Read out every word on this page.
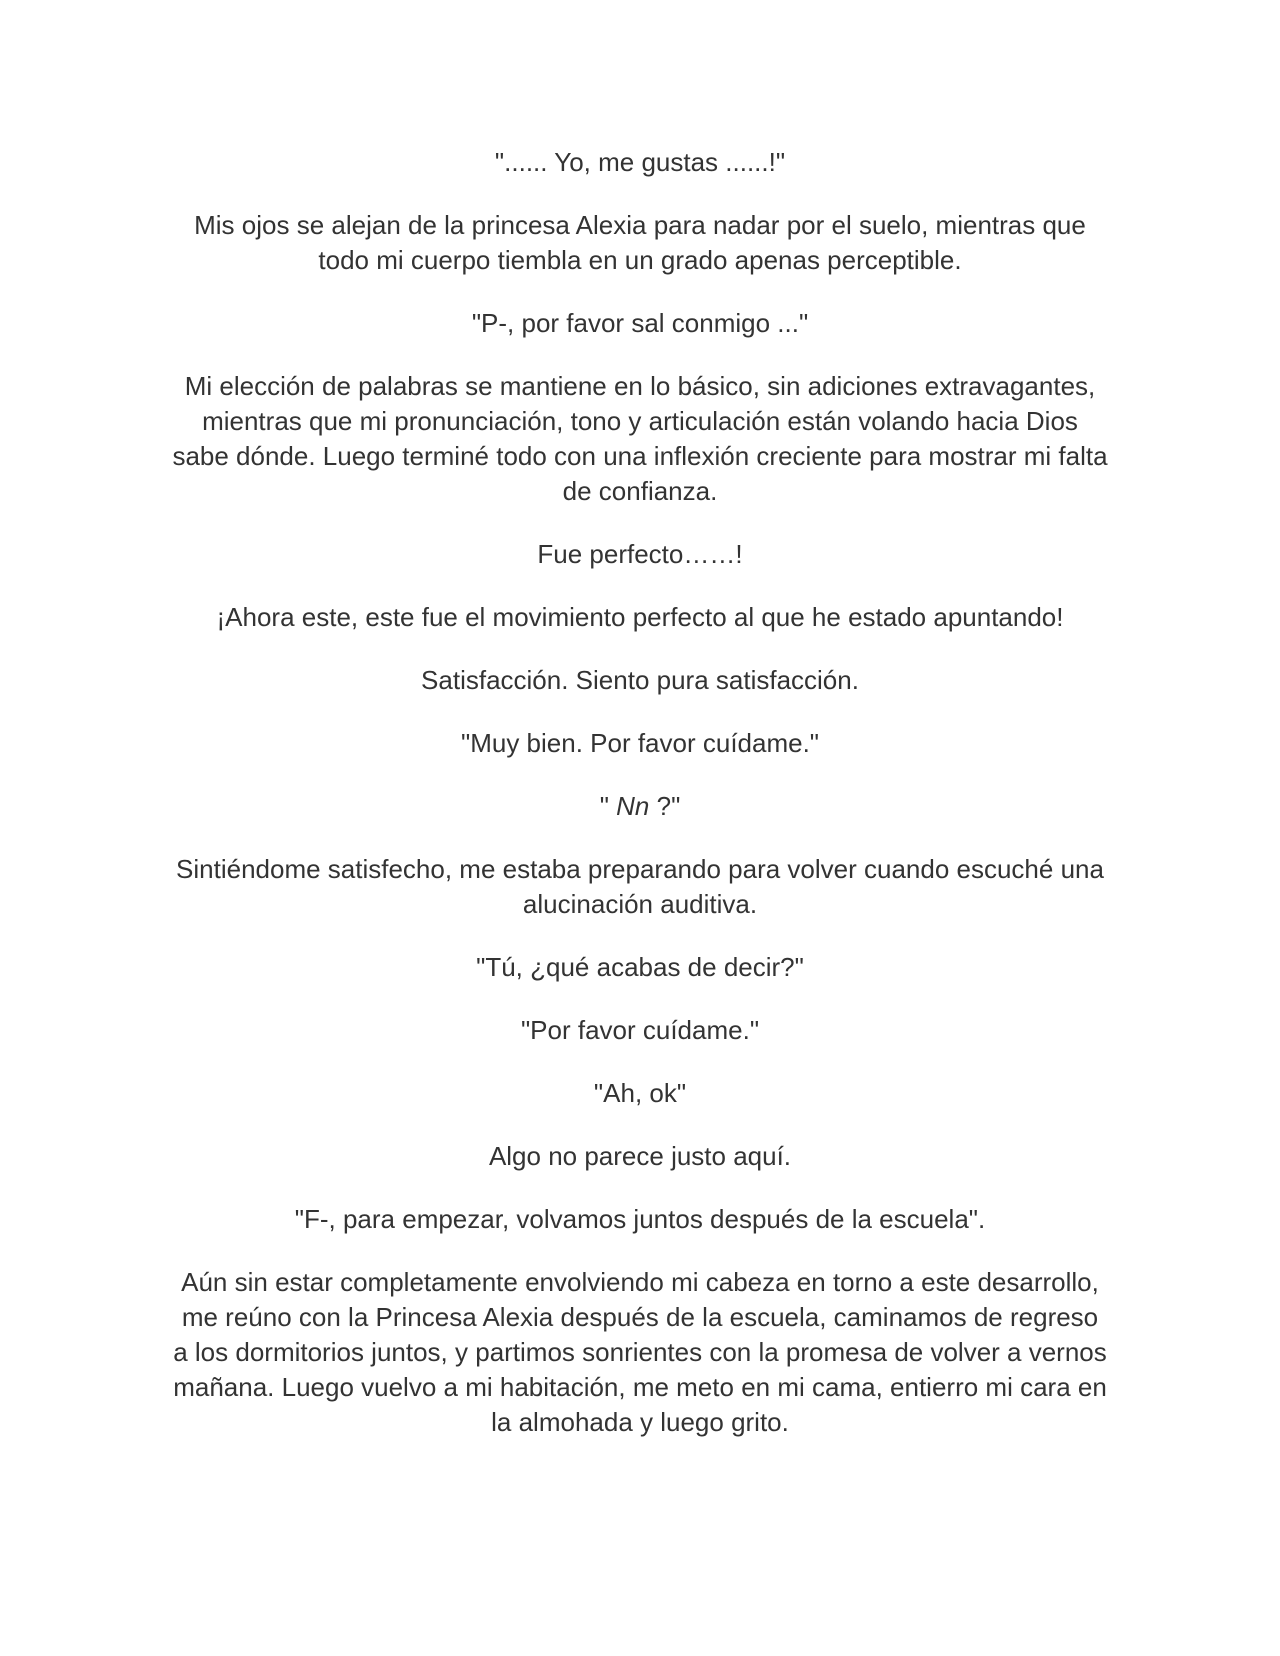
"...... Yo, me gustas ......!"

Mis ojos se alejan de la princesa Alexia para nadar por el suelo, mientras que todo mi cuerpo tiembla en un grado apenas perceptible.

"P-, por favor sal conmigo ..."

Mi elección de palabras se mantiene en lo básico, sin adiciones extravagantes, mientras que mi pronunciación, tono y articulación están volando hacia Dios sabe dónde. Luego terminé todo con una inflexión creciente para mostrar mi falta de confianza.

Fue perfecto……!

¡Ahora este, este fue el movimiento perfecto al que he estado apuntando!

Satisfacción. Siento pura satisfacción.

"Muy bien. Por favor cuídame."

" Nn ?"

Sintiéndome satisfecho, me estaba preparando para volver cuando escuché una alucinación auditiva.

"Tú, ¿qué acabas de decir?"

"Por favor cuídame."

"Ah, ok"

Algo no parece justo aquí.

"F-, para empezar, volvamos juntos después de la escuela".

Aún sin estar completamente envolviendo mi cabeza en torno a este desarrollo, me reúno con la Princesa Alexia después de la escuela, caminamos de regreso a los dormitorios juntos, y partimos sonrientes con la promesa de volver a vernos mañana. Luego vuelvo a mi habitación, me meto en mi cama, entierro mi cara en la almohada y luego grito.
